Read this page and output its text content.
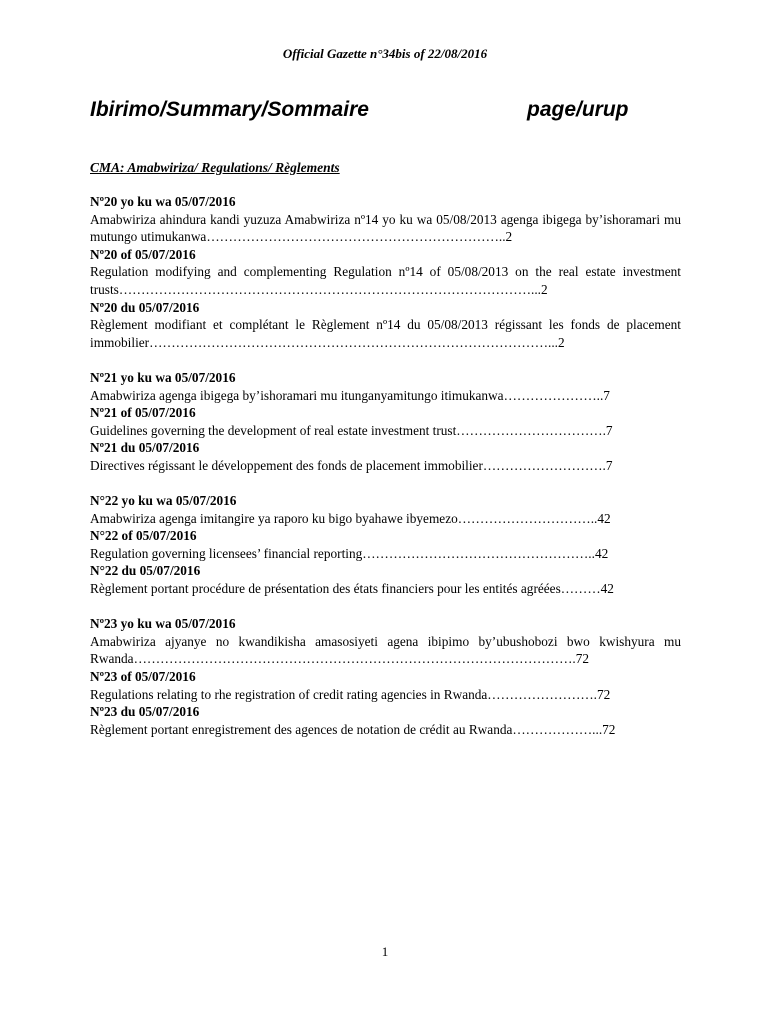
Official Gazette n°34bis of 22/08/2016
Ibirimo/Summary/Sommaire	page/urup
CMA: Amabwiriza/ Regulations/ Règlements
Nº20 yo ku wa 05/07/2016
Amabwiriza ahindura kandi yuzuza Amabwiriza nº14 yo ku wa 05/08/2013 agenga ibigega by’ishoramari mu mutungo utimukanwa…………………………………………………………..2
Nº20 of 05/07/2016
Regulation modifying and complementing Regulation nº14 of 05/08/2013 on the real estate investment trusts…………………………………………………………………………………...2
Nº20 du 05/07/2016
Règlement modifiant et complétant le Règlement nº14 du 05/08/2013 régissant les fonds de placement immobilier………………………………………………………………………………...2
Nº21 yo ku wa 05/07/2016
Amabwiriza agenga ibigega by’ishoramari mu itunganyamitungo itimukanwa…………………..7
Nº21 of 05/07/2016
Guidelines governing the development of real estate investment trust…………………………….7
Nº21 du 05/07/2016
Directives régissant le développement des fonds de placement immobilier……………………….7
N°22 yo ku wa 05/07/2016
Amabwiriza agenga imitangire ya raporo ku bigo byahawe ibyemezo…………………………..42
N°22 of 05/07/2016
Regulation governing licensees’ financial reporting……………………………………………..42
N°22 du 05/07/2016
Règlement portant procédure de présentation des états financiers pour les entités agréées………42
Nº23 yo ku wa 05/07/2016
Amabwiriza ajyanye no kwandikisha amasosiyeti agena ibipimo by’ubushobozi bwo kwishyura mu Rwanda……………………………………………………………………………………….72
Nº23 of 05/07/2016
Regulations relating to rhe registration of credit rating agencies in Rwanda…………………….72
Nº23 du 05/07/2016
Règlement portant enregistrement des agences de notation de crédit au Rwanda………………...72
1
